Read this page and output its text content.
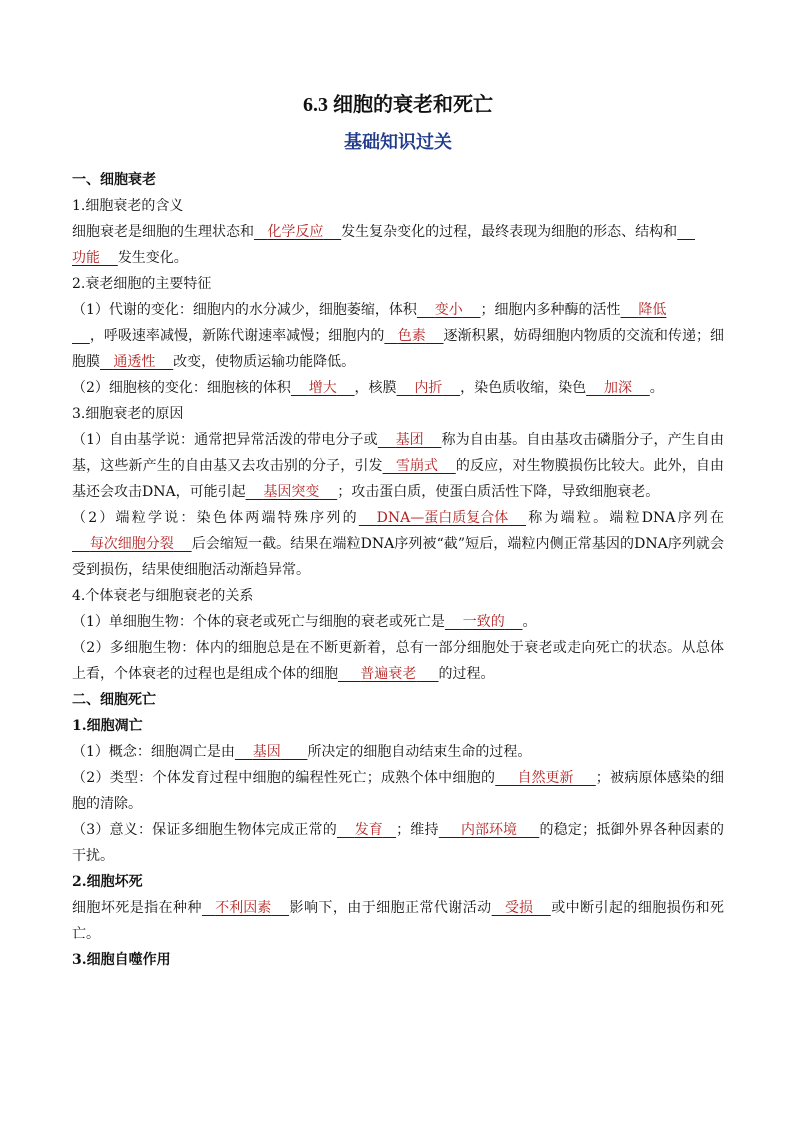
6.3 细胞的衰老和死亡
基础知识过关
一、细胞衰老
1.细胞衰老的含义
细胞衰老是细胞的生理状态和 化学反应 发生复杂变化的过程，最终表现为细胞的形态、结构和
功能 发生变化。
2.衰老细胞的主要特征
（1）代谢的变化：细胞内的水分减少，细胞萎缩，体积 变小 ；细胞内多种酶的活性 降低
，呼吸速率减慢，新陈代谢速率减慢；细胞内的 色素 逐渐积累，妨碍细胞内物质的交流和传递；细胞膜 通透性 改变，使物质运输功能降低。
（2）细胞核的变化：细胞核的体积 增大 ，核膜 内折 ，染色质收缩，染色 加深 。
3.细胞衰老的原因
（1）自由基学说：通常把异常活泼的带电分子或 基团 称为自由基。自由基攻击磷脂分子，产生自由基，这些新产生的自由基又去攻击别的分子，引发 雪崩式 的反应，对生物膜损伤比较大。此外，自由基还会攻击DNA，可能引起 基因突变 ；攻击蛋白质，使蛋白质活性下降，导致细胞衰老。
（2）端粒学说：染色体两端特殊序列的 DNA—蛋白质复合体 称为端粒。端粒DNA序列在    每次细胞分裂 后会缩短一截。结果在端粒DNA序列被“截”短后，端粒内侧正常基因的DNA序列就会受到损伤，结果使细胞活动渐趋异常。
4.个体衰老与细胞衰老的关系
（1）单细胞生物：个体的衰老或死亡与细胞的衰老或死亡是 一致的 。
（2）多细胞生物：体内的细胞总是在不断更新着，总有一部分细胞处于衰老或走向死亡的状态。从总体上看，个体衰老的过程也是组成个体的细胞 普遍衰老 的过程。
二、细胞死亡
1.细胞凋亡
（1）概念：细胞凋亡是由 基因 所决定的细胞自动结束生命的过程。
（2）类型：个体发育过程中细胞的编程性死亡；成熟个体中细胞的 自然更新 ；被病原体感染的细胞的清除。
（3）意义：保证多细胞生物体完成正常的 发育 ；维持 内部环境 的稳定；抵御外界各种因素的干扰。
2.细胞坏死
细胞坏死是指在种种 不利因素 影响下，由于细胞正常代谢活动 受损 或中断引起的细胞损伤和死亡。
3.细胞自噬作用
